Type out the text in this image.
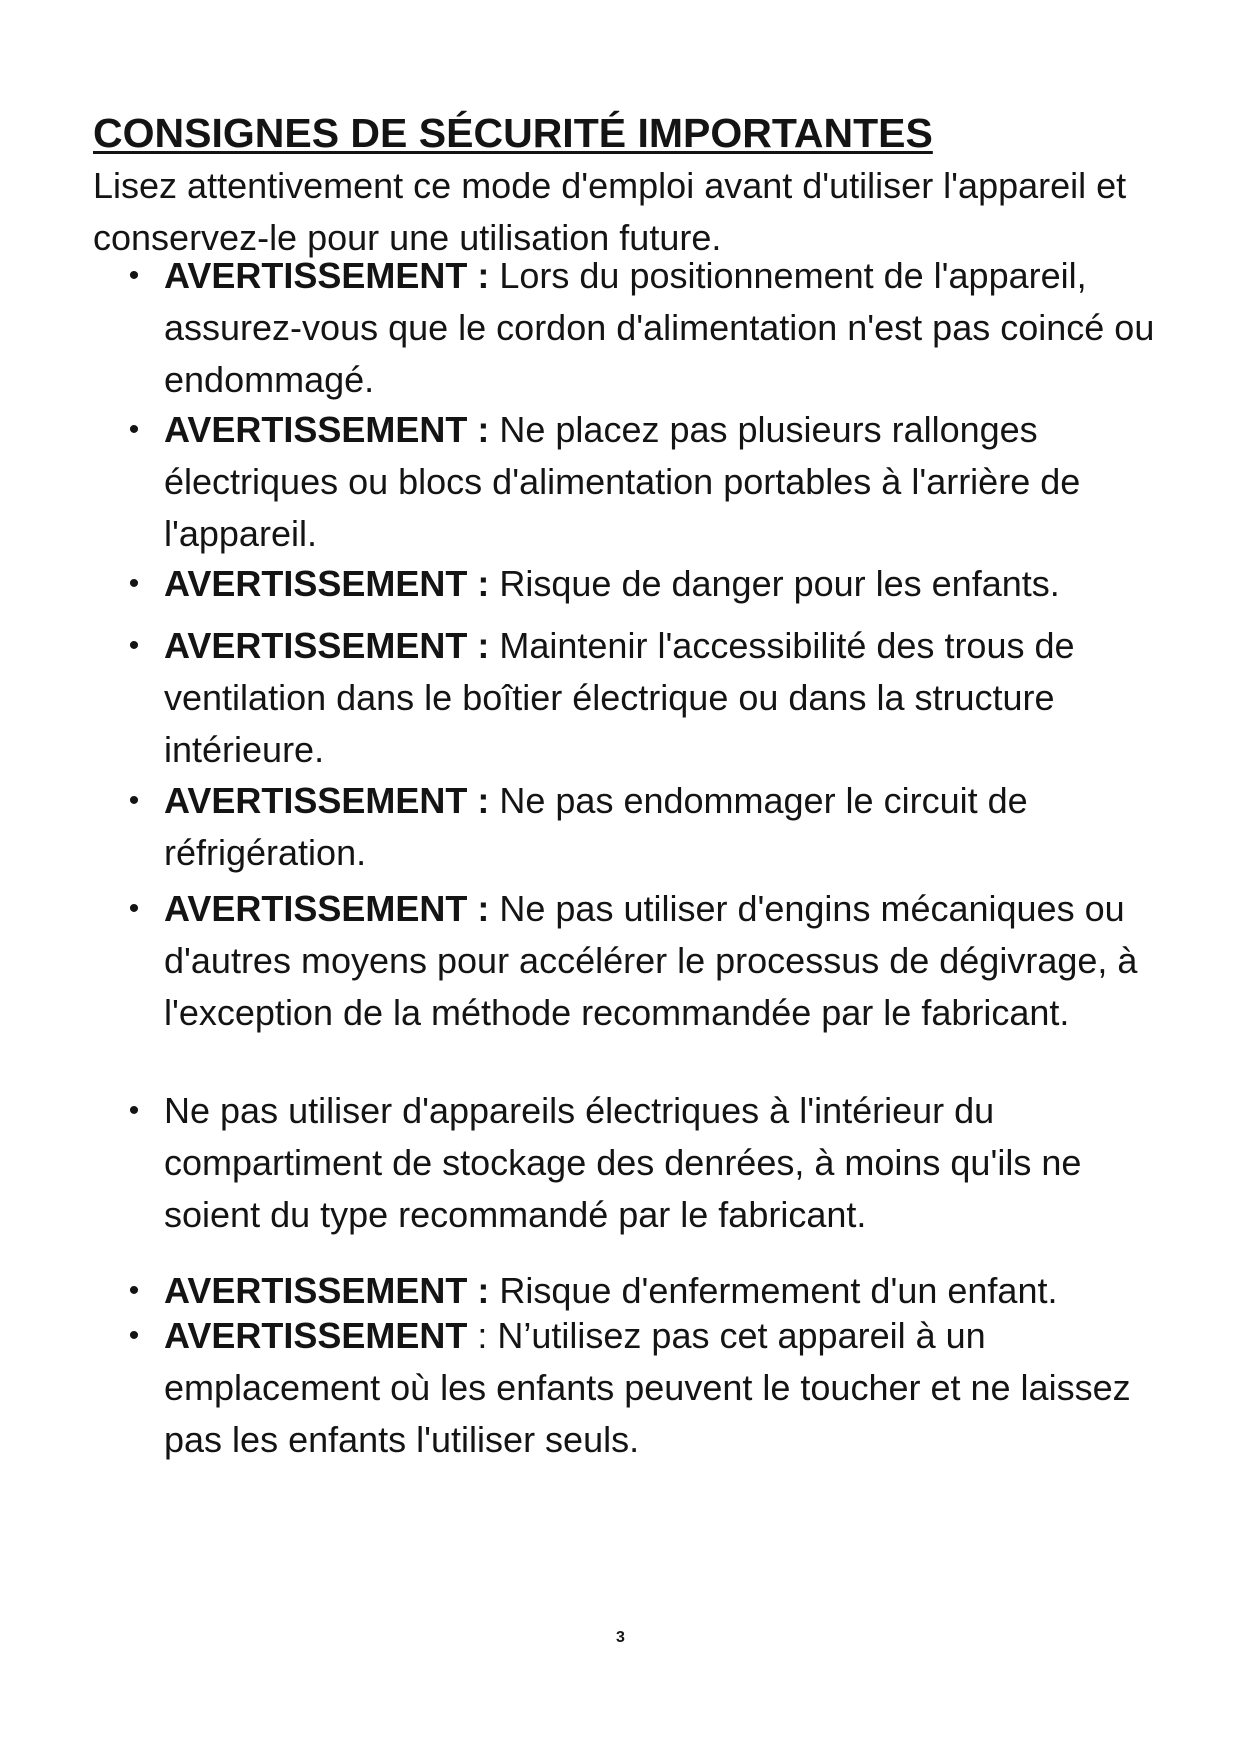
CONSIGNES DE SÉCURITÉ IMPORTANTES

Lisez attentivement ce mode d'emploi avant d'utiliser l'appareil et conservez-le pour une utilisation future.

• AVERTISSEMENT : Lors du positionnement de l'appareil, assurez-vous que le cordon d'alimentation n'est pas coincé ou endommagé.
• AVERTISSEMENT : Ne placez pas plusieurs rallonges électriques ou blocs d'alimentation portables à l'arrière de l'appareil.
• AVERTISSEMENT : Risque de danger pour les enfants.
• AVERTISSEMENT : Maintenir l'accessibilité des trous de ventilation dans le boîtier électrique ou dans la structure intérieure.
• AVERTISSEMENT : Ne pas endommager le circuit de réfrigération.
• AVERTISSEMENT : Ne pas utiliser d'engins mécaniques ou d'autres moyens pour accélérer le processus de dégivrage, à l'exception de la méthode recommandée par le fabricant.
• Ne pas utiliser d'appareils électriques à l'intérieur du compartiment de stockage des denrées, à moins qu'ils ne soient du type recommandé par le fabricant.
• AVERTISSEMENT : Risque d'enfermement d'un enfant.
• AVERTISSEMENT : N’utilisez pas cet appareil à un emplacement où les enfants peuvent le toucher et ne laissez pas les enfants l'utiliser seuls.
3
